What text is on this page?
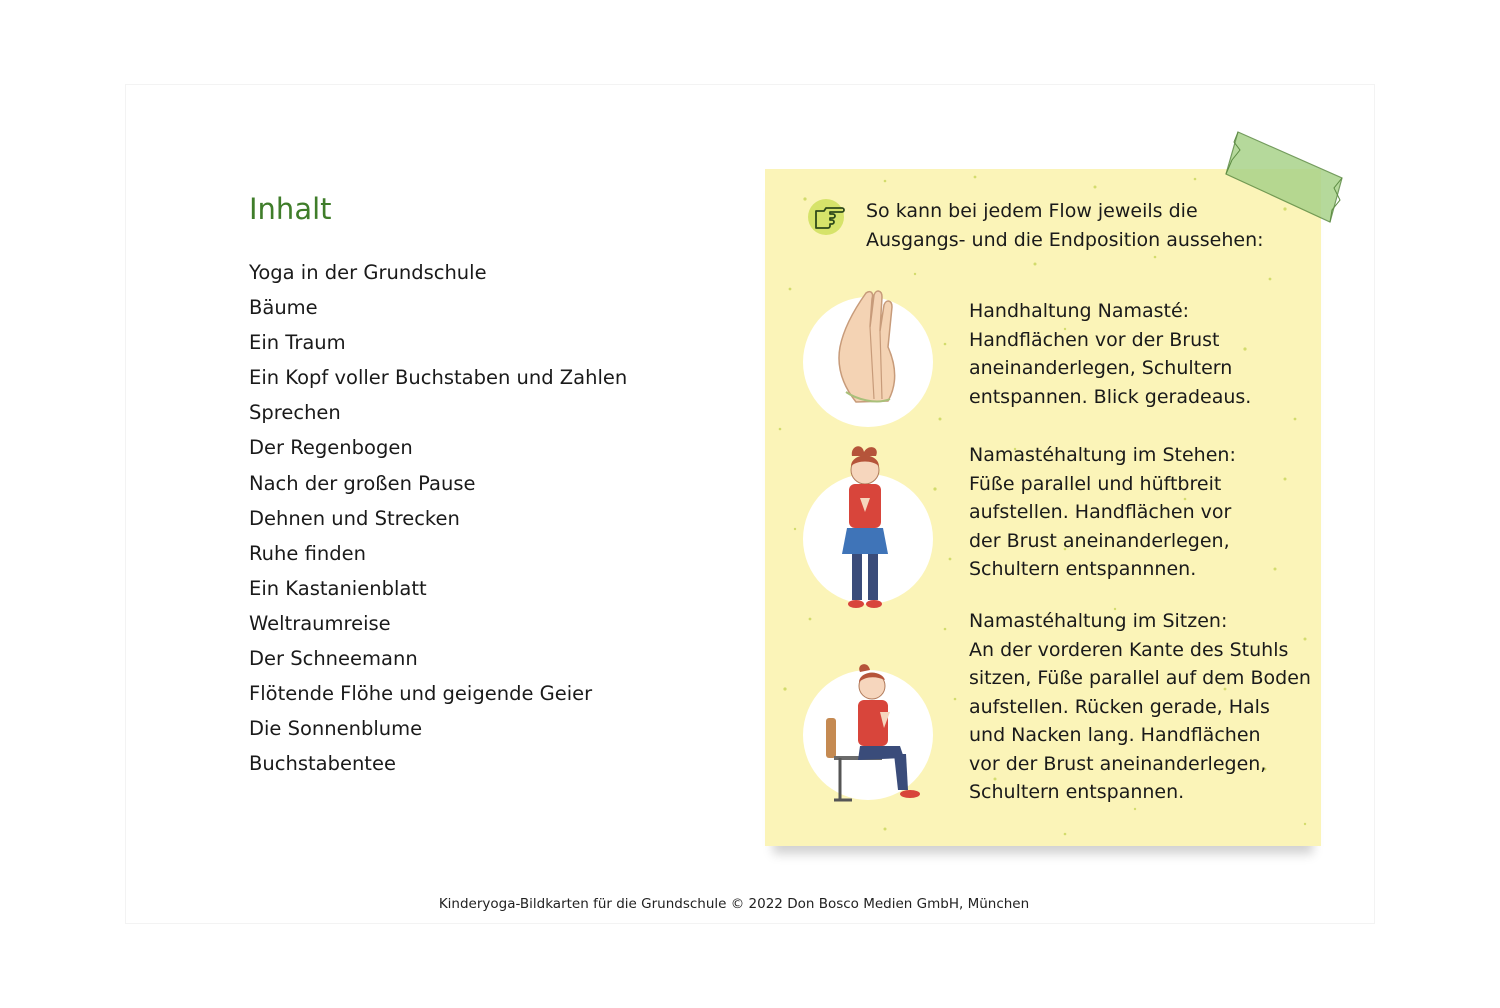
Inhalt
Yoga in der Grundschule
Bäume
Ein Traum
Ein Kopf voller Buchstaben und Zahlen
Sprechen
Der Regenbogen
Nach der großen Pause
Dehnen und Strecken
Ruhe finden
Ein Kastanienblatt
Weltraumreise
Der Schneemann
Flötende Flöhe und geigende Geier
Die Sonnenblume
Buchstabentee

So kann bei jedem Flow jeweils die
Ausgangs- und die Endposition aussehen:

Handhaltung Namasté:
Handflächen vor der Brust
aneinanderlegen, Schultern
entspannen. Blick geradeaus.

Namastéhaltung im Stehen:
Füße parallel und hüftbreit
aufstellen. Handflächen vor
der Brust aneinanderlegen,
Schultern entspannnen.

Namastéhaltung im Sitzen:
An der vorderen Kante des Stuhls
sitzen, Füße parallel auf dem Boden
aufstellen. Rücken gerade, Hals
und Nacken lang. Handflächen
vor der Brust aneinanderlegen,
Schultern entspannen.

Kinderyoga-Bildkarten für die Grundschule © 2022 Don Bosco Medien GmbH, München
